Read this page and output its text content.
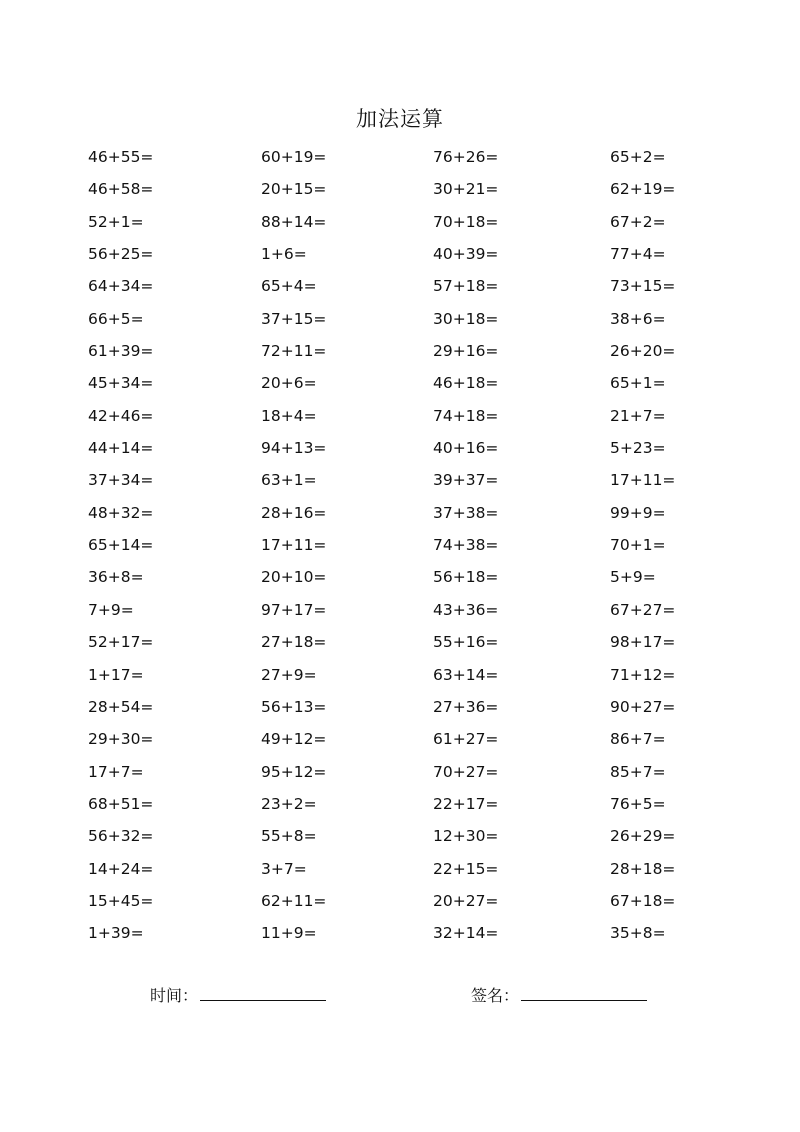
加法运算
46+55=	60+19=	76+26=	65+2=
46+58=	20+15=	30+21=	62+19=
52+1=	88+14=	70+18=	67+2=
56+25=	1+6=	40+39=	77+4=
64+34=	65+4=	57+18=	73+15=
66+5=	37+15=	30+18=	38+6=
61+39=	72+11=	29+16=	26+20=
45+34=	20+6=	46+18=	65+1=
42+46=	18+4=	74+18=	21+7=
44+14=	94+13=	40+16=	5+23=
37+34=	63+1=	39+37=	17+11=
48+32=	28+16=	37+38=	99+9=
65+14=	17+11=	74+38=	70+1=
36+8=	20+10=	56+18=	5+9=
7+9=	97+17=	43+36=	67+27=
52+17=	27+18=	55+16=	98+17=
1+17=	27+9=	63+14=	71+12=
28+54=	56+13=	27+36=	90+27=
29+30=	49+12=	61+27=	86+7=
17+7=	95+12=	70+27=	85+7=
68+51=	23+2=	22+17=	76+5=
56+32=	55+8=	12+30=	26+29=
14+24=	3+7=	22+15=	28+18=
15+45=	62+11=	20+27=	67+18=
1+39=	11+9=	32+14=	35+8=
时间：	签名：
